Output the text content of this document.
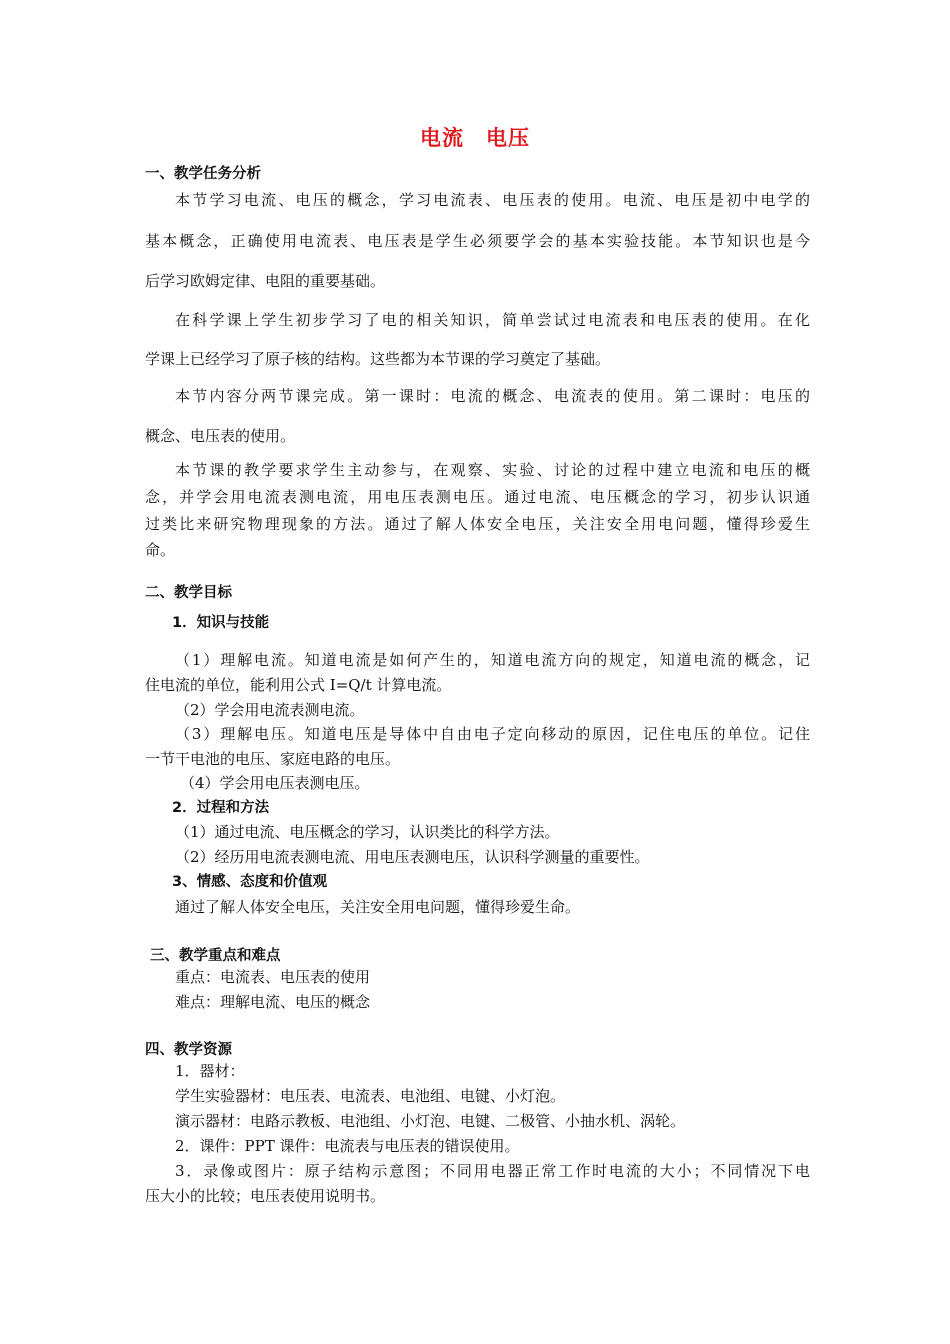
电流　电压
一、教学任务分析
本节学习电流、电压的概念，学习电流表、电压表的使用。电流、电压是初中电学的
基本概念，正确使用电流表、电压表是学生必须要学会的基本实验技能。本节知识也是今
后学习欧姆定律、电阻的重要基础。
在科学课上学生初步学习了电的相关知识，简单尝试过电流表和电压表的使用。在化
学课上已经学习了原子核的结构。这些都为本节课的学习奠定了基础。
本节内容分两节课完成。第一课时：电流的概念、电流表的使用。第二课时：电压的
概念、电压表的使用。
本节课的教学要求学生主动参与，在观察、实验、讨论的过程中建立电流和电压的概
念，并学会用电流表测电流，用电压表测电压。通过电流、电压概念的学习，初步认识通
过类比来研究物理现象的方法。通过了解人体安全电压，关注安全用电问题，懂得珍爱生
命。
二、教学目标
1．知识与技能
（1）理解电流。知道电流是如何产生的，知道电流方向的规定，知道电流的概念，记
住电流的单位，能利用公式 I=Q/t 计算电流。
（2）学会用电流表测电流。
（3）理解电压。知道电压是导体中自由电子定向移动的原因，记住电压的单位。记住
一节干电池的电压、家庭电路的电压。
（4）学会用电压表测电压。
2．过程和方法
（1）通过电流、电压概念的学习，认识类比的科学方法。
（2）经历用电流表测电流、用电压表测电压，认识科学测量的重要性。
3、情感、态度和价值观
通过了解人体安全电压，关注安全用电问题，懂得珍爱生命。
三、教学重点和难点
重点：电流表、电压表的使用
难点：理解电流、电压的概念
四、教学资源
1．器材：
学生实验器材：电压表、电流表、电池组、电键、小灯泡。
演示器材：电路示教板、电池组、小灯泡、电键、二极管、小抽水机、涡轮。
2．课件：PPT 课件：电流表与电压表的错误使用。
3．录像或图片：原子结构示意图；不同用电器正常工作时电流的大小；不同情况下电
压大小的比较；电压表使用说明书。
